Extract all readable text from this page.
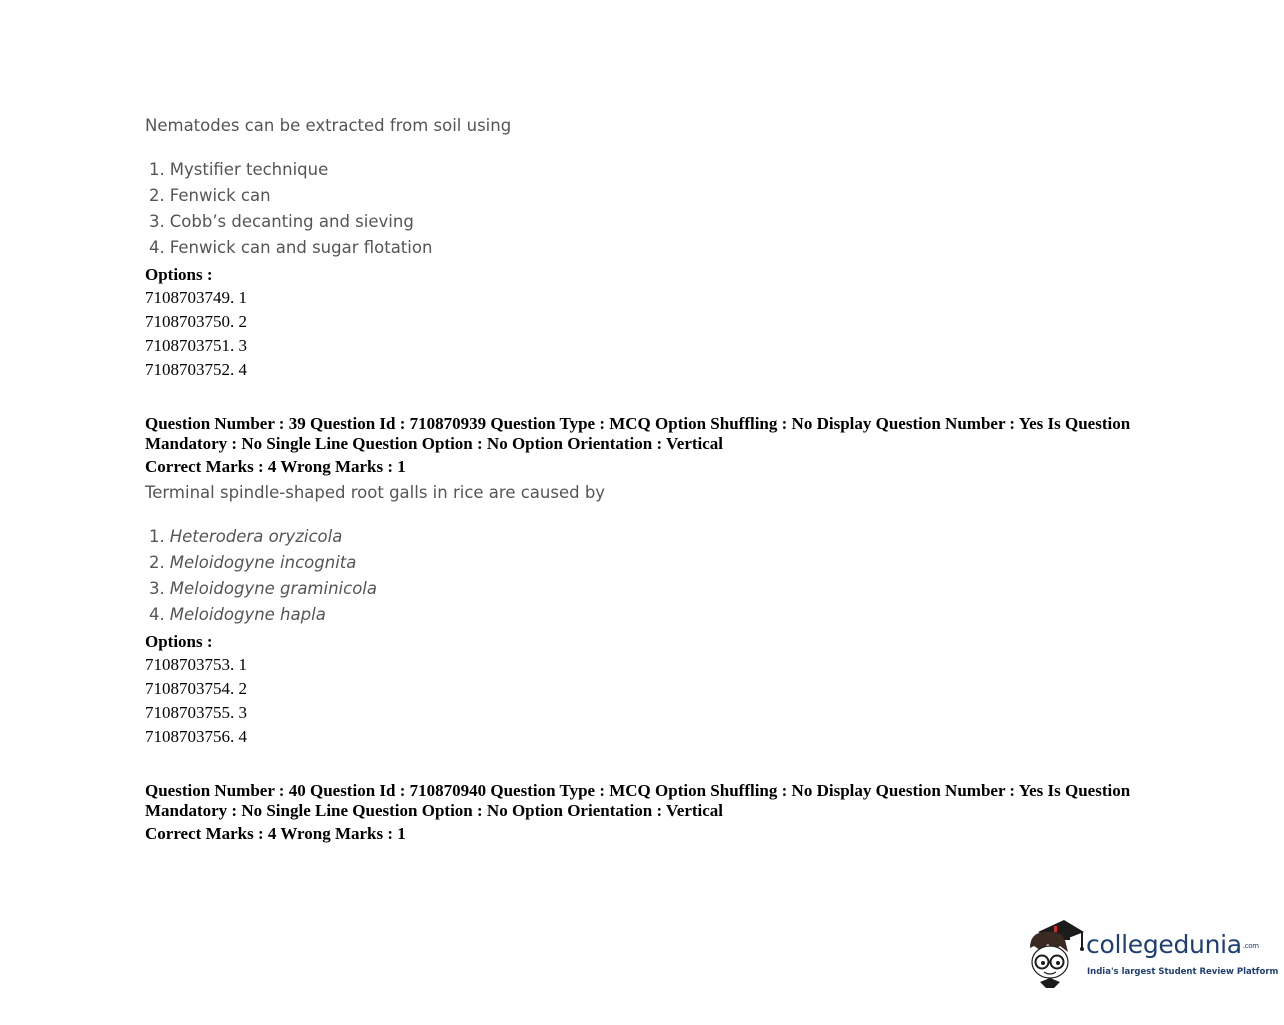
Nematodes can be extracted from soil using
1. Mystifier technique
2. Fenwick can
3. Cobb’s decanting and sieving
4. Fenwick can and sugar flotation
Options :
7108703749. 1
7108703750. 2
7108703751. 3
7108703752. 4
Question Number : 39 Question Id : 710870939 Question Type : MCQ Option Shuffling : No Display Question Number : Yes Is Question
Mandatory : No Single Line Question Option : No Option Orientation : Vertical
Correct Marks : 4 Wrong Marks : 1
Terminal spindle-shaped root galls in rice are caused by
1. Heterodera oryzicola
2. Meloidogyne incognita
3. Meloidogyne graminicola
4. Meloidogyne hapla
Options :
7108703753. 1
7108703754. 2
7108703755. 3
7108703756. 4
Question Number : 40 Question Id : 710870940 Question Type : MCQ Option Shuffling : No Display Question Number : Yes Is Question
Mandatory : No Single Line Question Option : No Option Orientation : Vertical
Correct Marks : 4 Wrong Marks : 1
collegedunia.com
India's largest Student Review Platform
